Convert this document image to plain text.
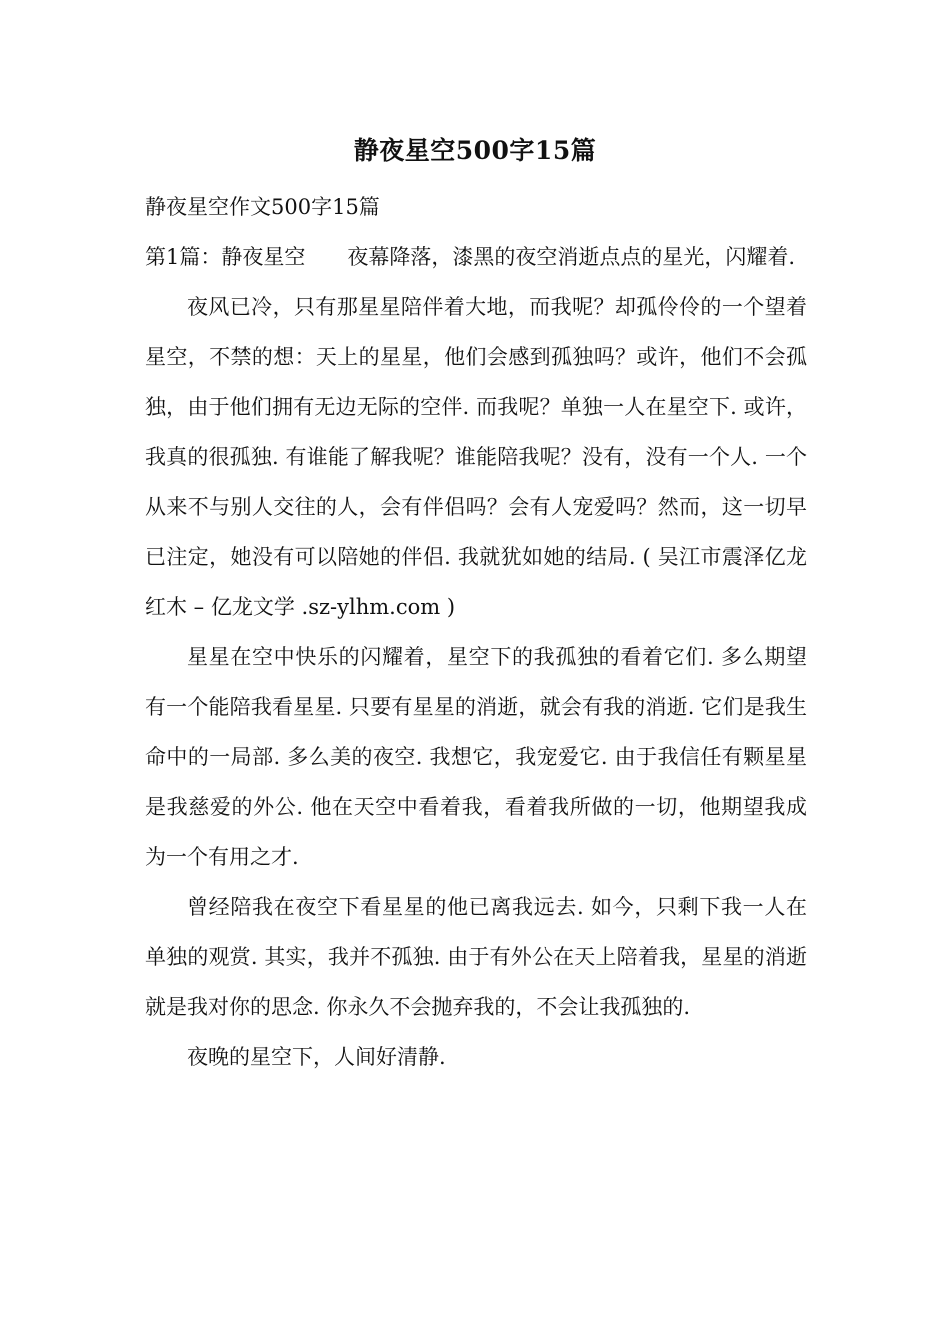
静夜星空500字15篇

静夜星空作文500字15篇

第1篇：静夜星空　　夜幕降落，漆黑的夜空消逝点点的星光，闪耀着.

夜风已冷，只有那星星陪伴着大地，而我呢？却孤伶伶的一个望着星空，不禁的想：天上的星星，他们会感到孤独吗？或许，他们不会孤独，由于他们拥有无边无际的空伴. 而我呢？单独一人在星空下. 或许，我真的很孤独. 有谁能了解我呢？谁能陪我呢？没有，没有一个人. 一个从来不与别人交往的人，会有伴侣吗？会有人宠爱吗？然而，这一切早已注定，她没有可以陪她的伴侣. 我就犹如她的结局. ( 吴江市震泽亿龙红木 – 亿龙文学 .sz-ylhm.com )

星星在空中快乐的闪耀着，星空下的我孤独的看着它们. 多么期望有一个能陪我看星星. 只要有星星的消逝，就会有我的消逝. 它们是我生命中的一局部. 多么美的夜空. 我想它，我宠爱它. 由于我信任有颗星星是我慈爱的外公. 他在天空中看着我，看着我所做的一切，他期望我成为一个有用之才.

曾经陪我在夜空下看星星的他已离我远去. 如今，只剩下我一人在单独的观赏. 其实，我并不孤独. 由于有外公在天上陪着我，星星的消逝就是我对你的思念. 你永久不会抛弃我的，不会让我孤独的.

夜晚的星空下，人间好清静.
